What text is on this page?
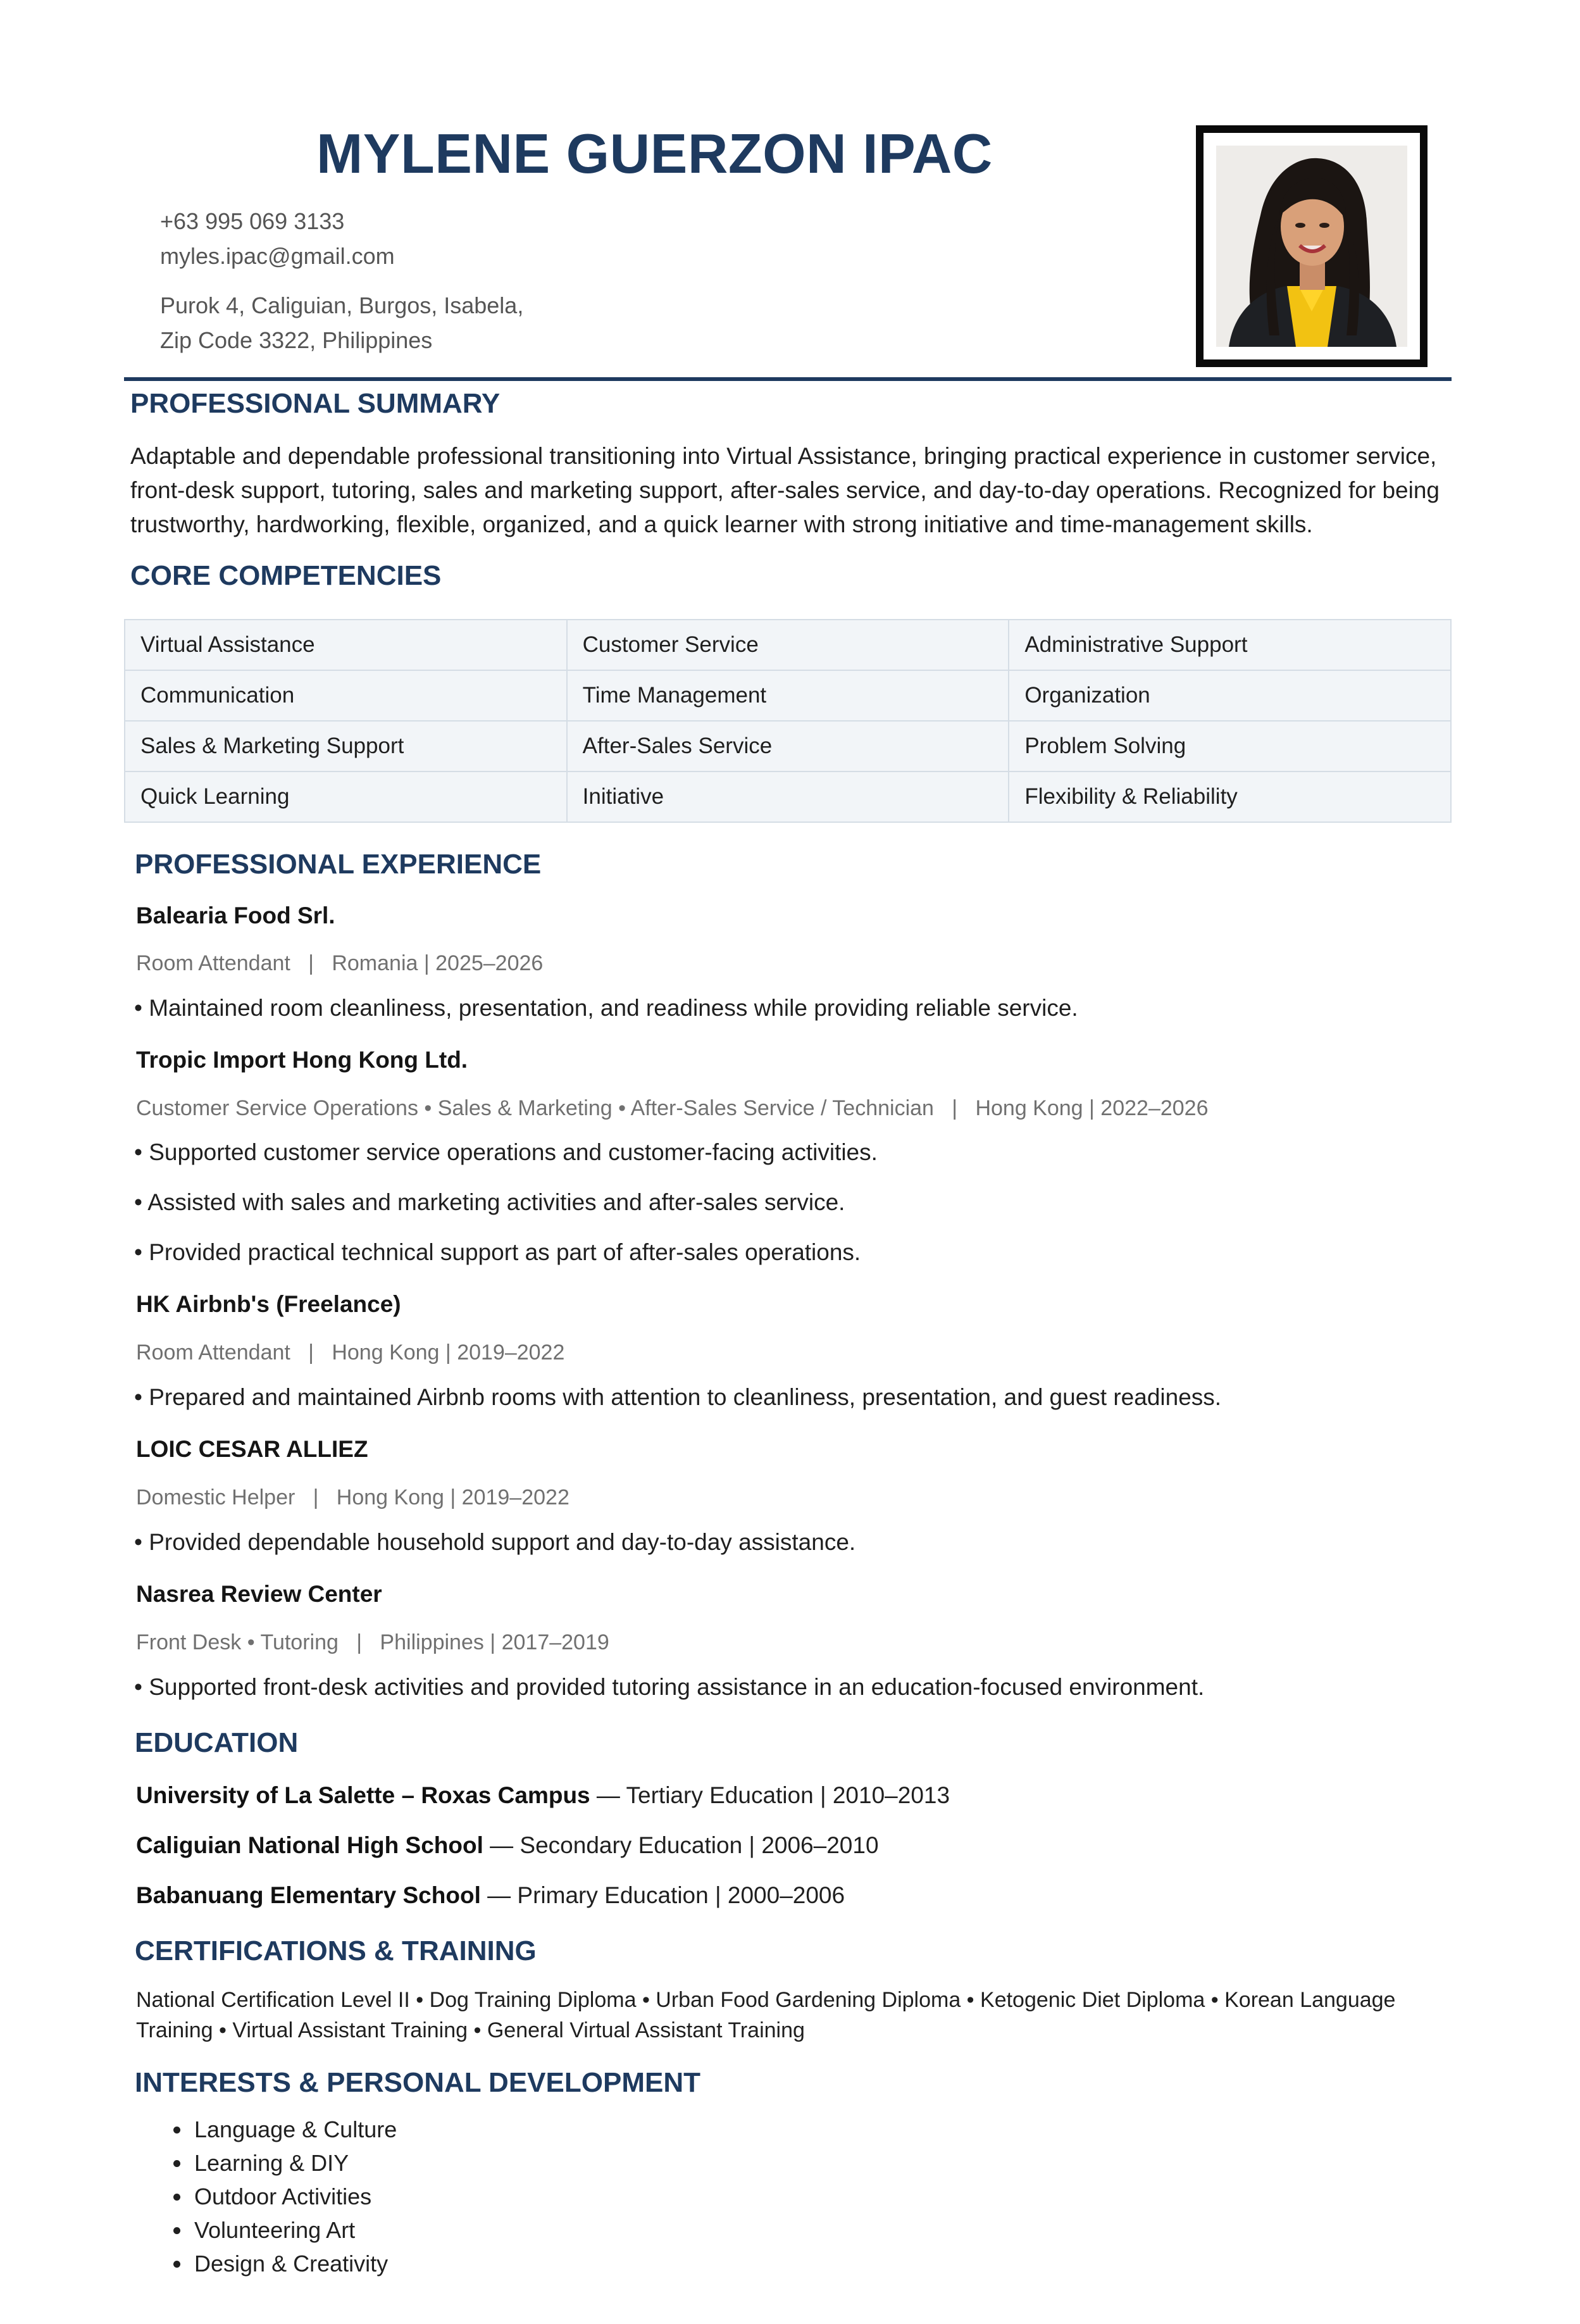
MYLENE GUERZON IPAC
+63 995 069 3133
myles.ipac@gmail.com
Purok 4, Caliguian, Burgos, Isabela,
Zip Code 3322, Philippines
PROFESSIONAL SUMMARY

Adaptable and dependable professional transitioning into Virtual Assistance, bringing practical experience in customer service, front-desk support, tutoring, sales and marketing support, after-sales service, and day-to-day operations. Recognized for being trustworthy, hardworking, flexible, organized, and a quick learner with strong initiative and time-management skills.

CORE COMPETENCIES
Virtual Assistance	Customer Service	Administrative Support
Communication	Time Management	Organization
Sales & Marketing Support	After-Sales Service	Problem Solving
Quick Learning	Initiative	Flexibility & Reliability
PROFESSIONAL EXPERIENCE
Balearia Food Srl.
Room Attendant   |   Romania | 2025–2026

• Maintained room cleanliness, presentation, and readiness while providing reliable service.

Tropic Import Hong Kong Ltd.
Customer Service Operations • Sales & Marketing • After-Sales Service / Technician   |   Hong Kong | 2022–2026

• Supported customer service operations and customer-facing activities.

• Assisted with sales and marketing activities and after-sales service.

• Provided practical technical support as part of after-sales operations.

HK Airbnb's (Freelance)
Room Attendant   |   Hong Kong | 2019–2022

• Prepared and maintained Airbnb rooms with attention to cleanliness, presentation, and guest readiness.

LOIC CESAR ALLIEZ
Domestic Helper   |   Hong Kong | 2019–2022

• Provided dependable household support and day-to-day assistance.

Nasrea Review Center
Front Desk • Tutoring   |   Philippines | 2017–2019

• Supported front-desk activities and provided tutoring assistance in an education-focused environment.

EDUCATION

University of La Salette – Roxas Campus — Tertiary Education | 2010–2013

Caliguian National High School — Secondary Education | 2006–2010

Babanuang Elementary School — Primary Education | 2000–2006

CERTIFICATIONS & TRAINING

National Certification Level II • Dog Training Diploma • Urban Food Gardening Diploma • Ketogenic Diet Diploma • Korean Language Training • Virtual Assistant Training • General Virtual Assistant Training

INTERESTS & PERSONAL DEVELOPMENT
• Language & Culture
• Learning & DIY
• Outdoor Activities
• Volunteering Art
• Design & Creativity
